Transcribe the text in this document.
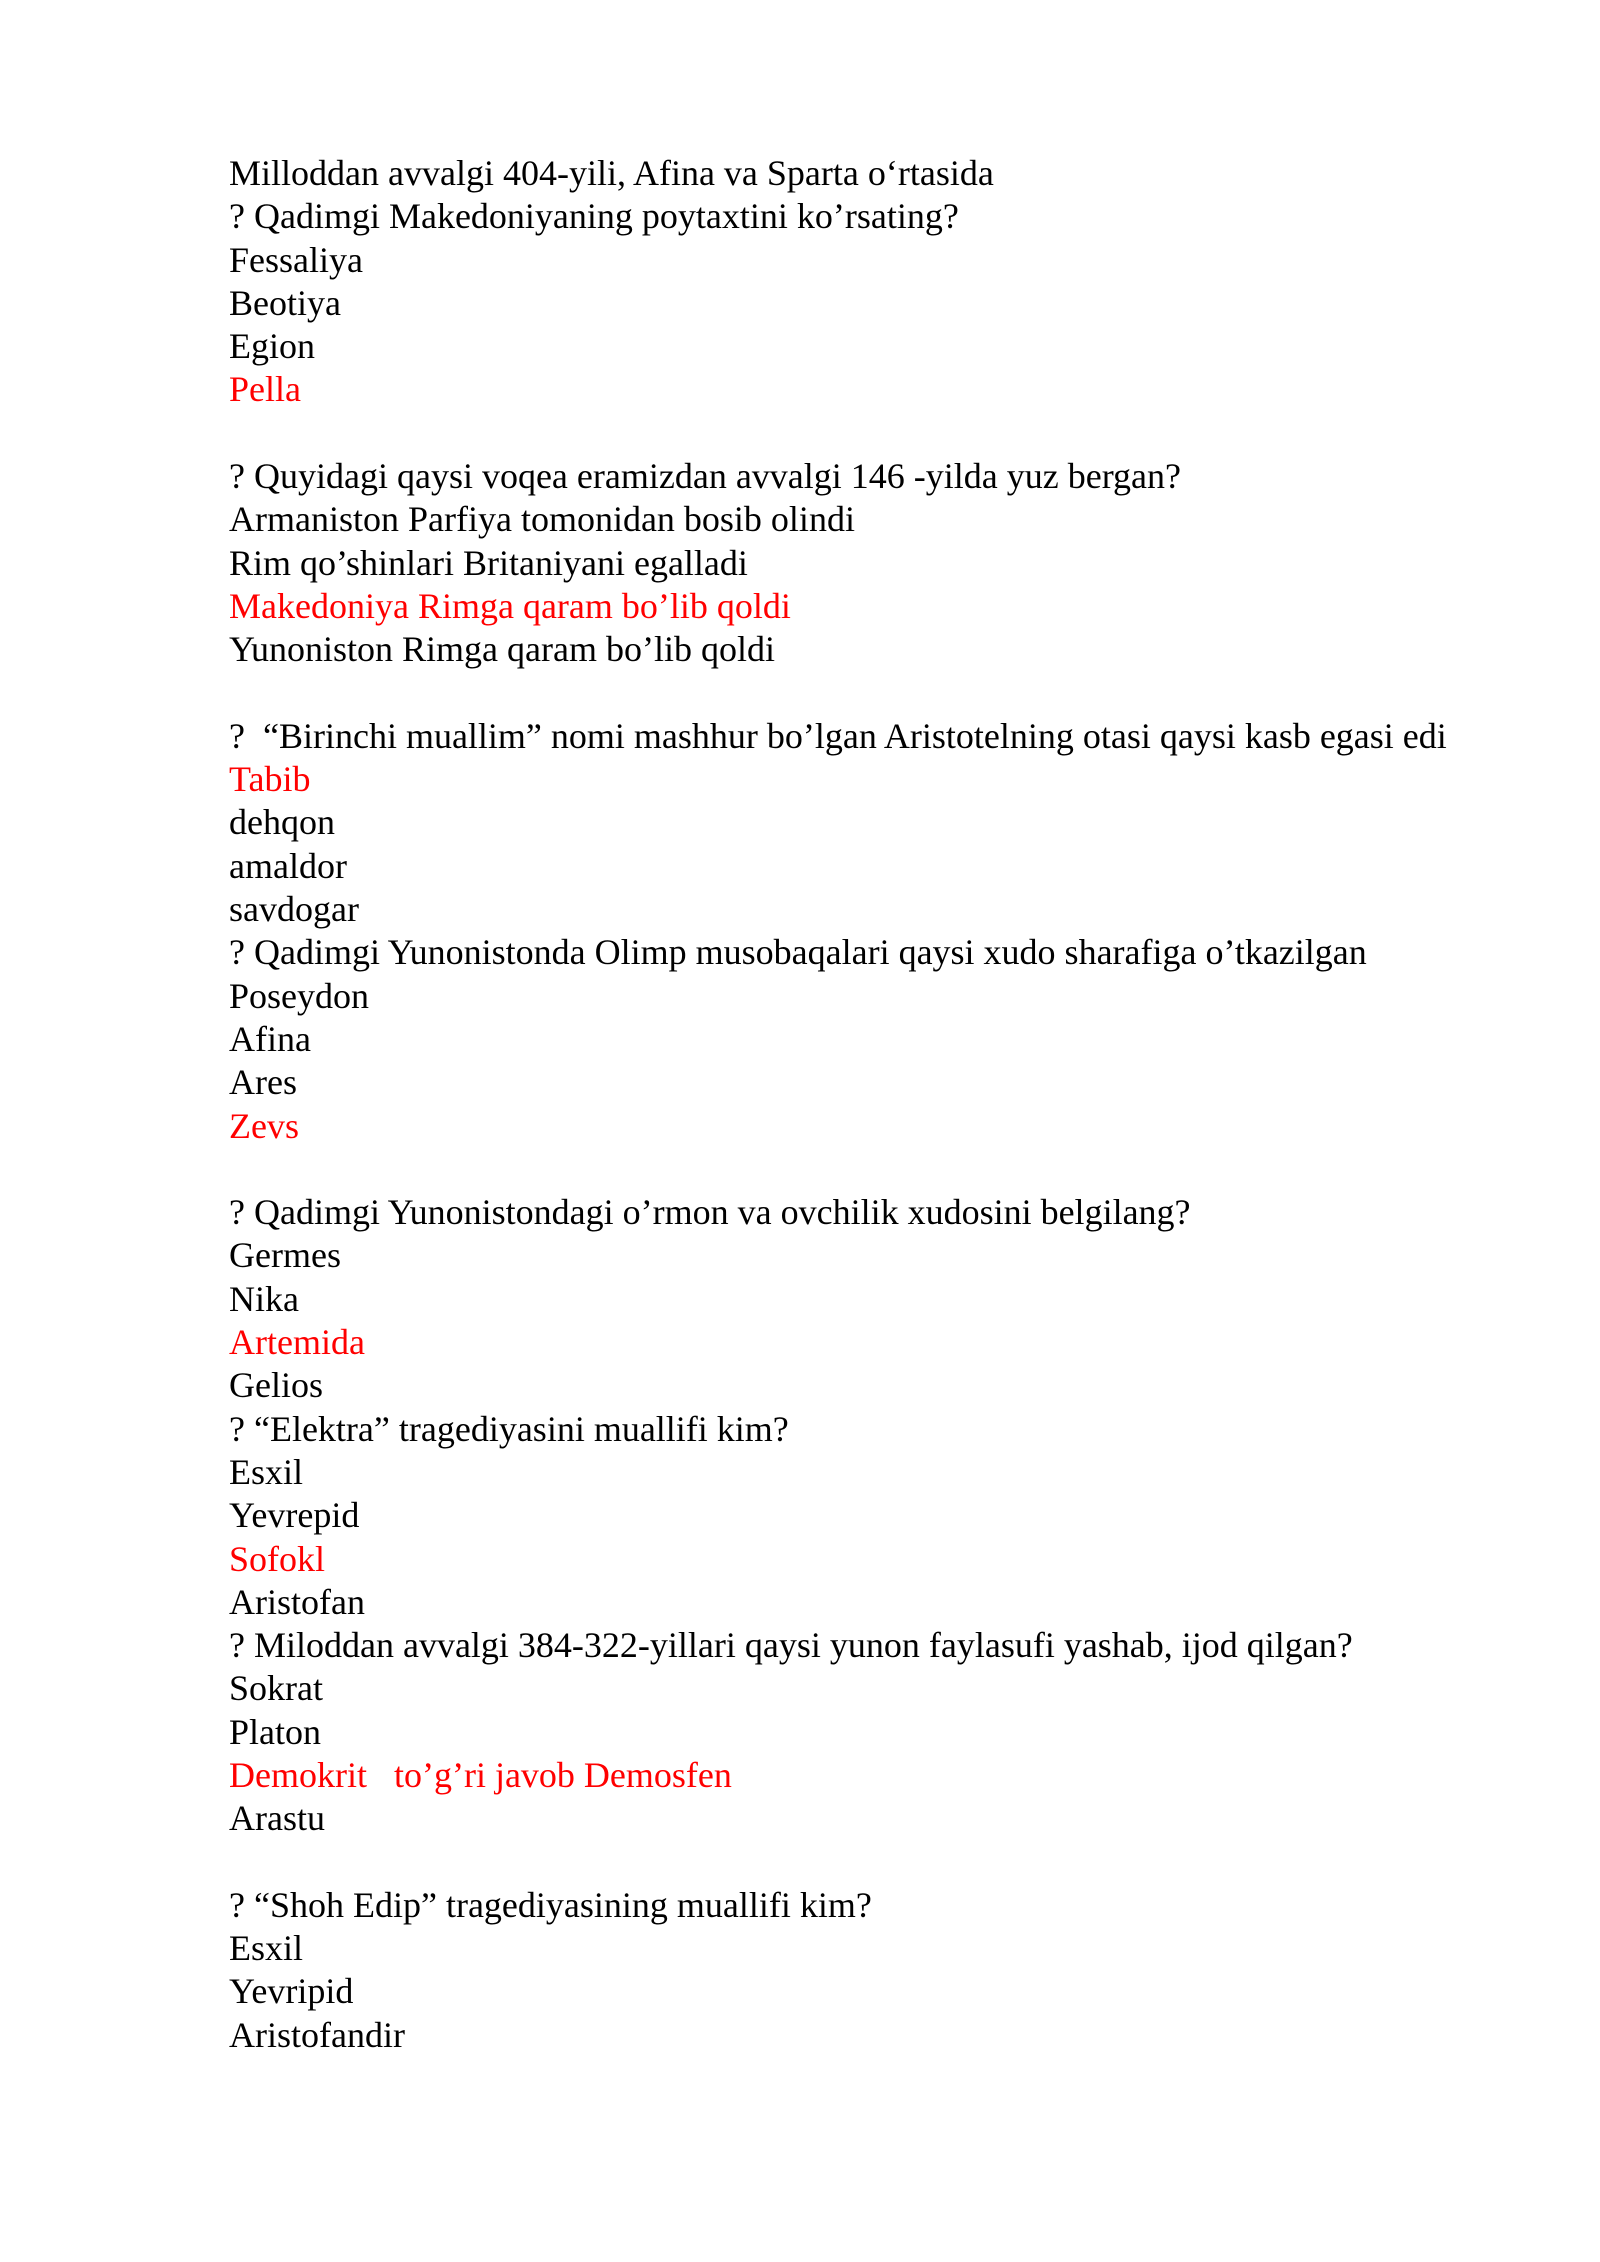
Milloddan avvalgi 404-yili, Afina va Sparta o‘rtasida
? Qadimgi Makedoniyaning poytaxtini ko’rsating?
Fessaliya
Beotiya
Egion
Pella
? Quyidagi qaysi voqea eramizdan avvalgi 146 -yilda yuz bergan?
Armaniston Parfiya tomonidan bosib olindi
Rim qo’shinlari Britaniyani egalladi
Makedoniya Rimga qaram bo’lib qoldi
Yunoniston Rimga qaram bo’lib qoldi
?  “Birinchi muallim” nomi mashhur bo’lgan Aristotelning otasi qaysi kasb egasi edi
Tabib
dehqon
amaldor
savdogar
? Qadimgi Yunonistonda Olimp musobaqalari qaysi xudo sharafiga o’tkazilgan
Poseydon
Afina
Ares
Zevs
? Qadimgi Yunonistondagi o’rmon va ovchilik xudosini belgilang?
Germes
Nika
Artemida
Gelios
? “Elektra” tragediyasini muallifi kim?
Esxil
Yevrepid
Sofokl
Aristofan
? Miloddan avvalgi 384-322-yillari qaysi yunon faylasufi yashab, ijod qilgan?
Sokrat
Platon
Demokrit   to’g’ri javob Demosfen
Arastu
? “Shoh Edip” tragediyasining muallifi kim?
Esxil
Yevripid
Aristofandir
